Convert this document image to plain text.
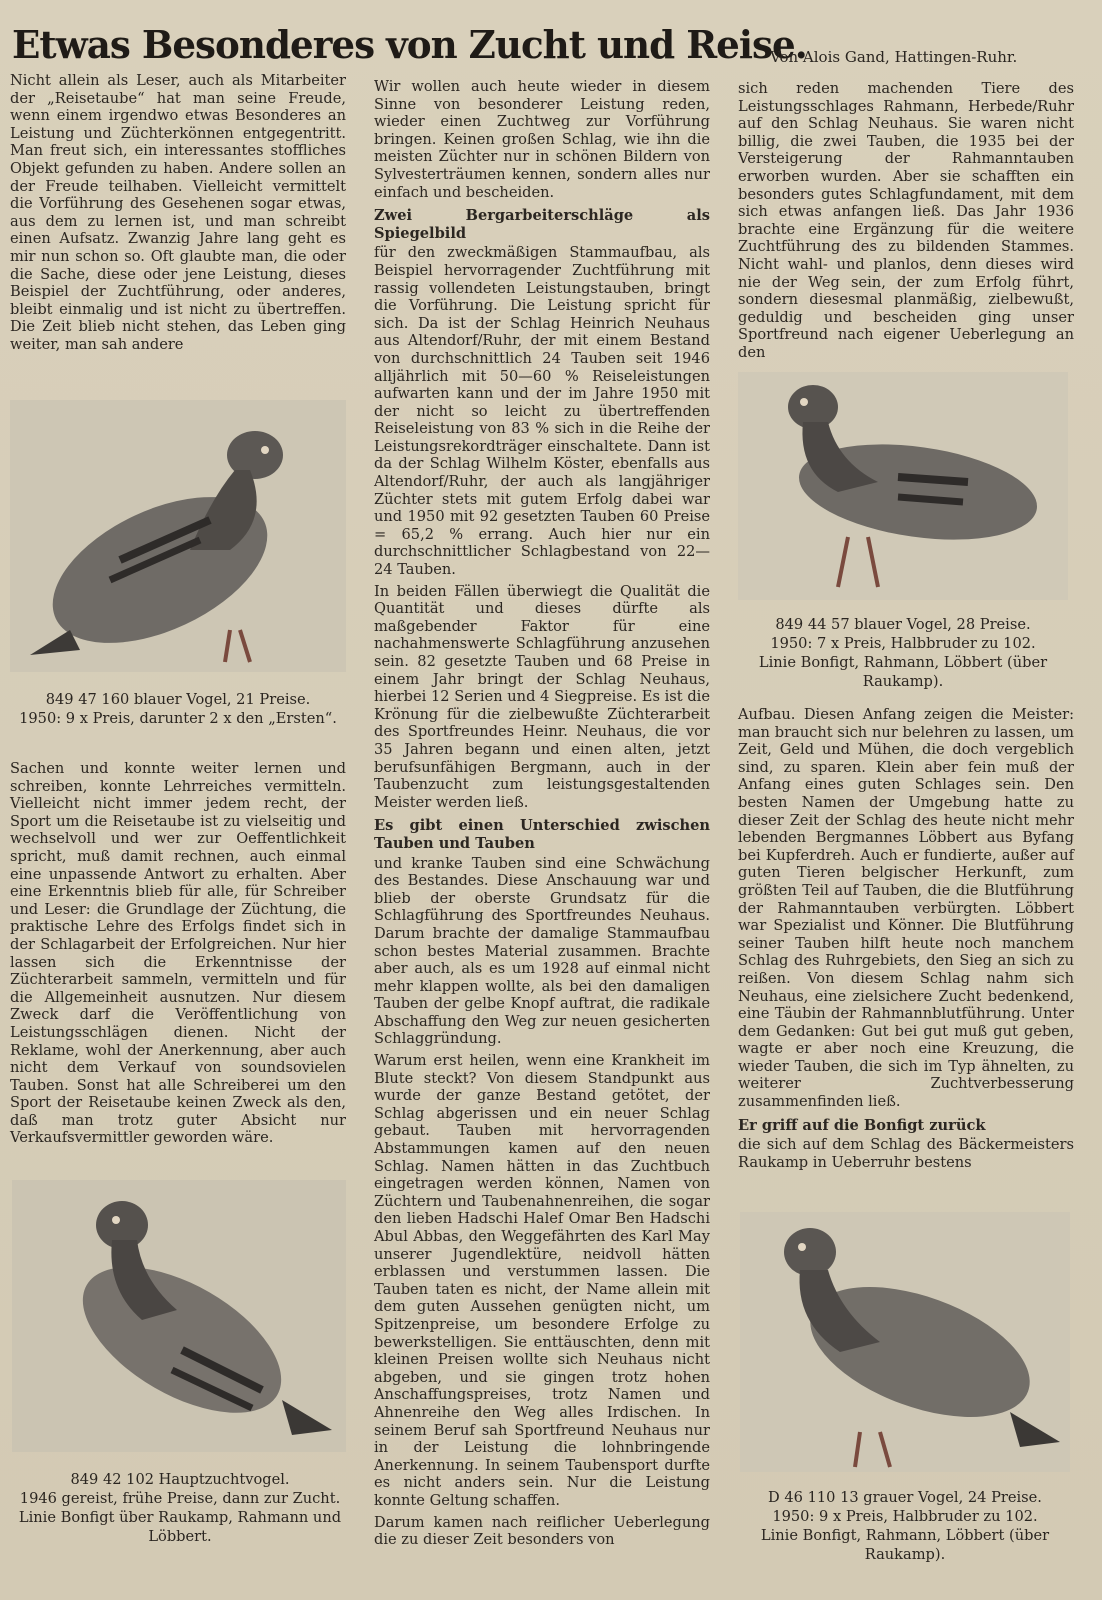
Etwas Besonderes von Zucht und Reise.
Von Alois Gand, Hattingen-Ruhr.

Nicht allein als Leser, auch als Mitarbeiter der „Reisetaube“ hat man seine Freude, wenn einem irgendwo etwas Besonderes an Leistung und Züchterkönnen entgegentritt. Man freut sich, ein interessantes stoffliches Objekt gefunden zu haben. Andere sollen an der Freude teilhaben. Vielleicht vermittelt die Vorführung des Gesehenen sogar etwas, aus dem zu lernen ist, und man schreibt einen Aufsatz. Zwanzig Jahre lang geht es mir nun schon so. Oft glaubte man, die oder die Sache, diese oder jene Leistung, dieses Beispiel der Zuchtführung, oder anderes, bleibt einmalig und ist nicht zu übertreffen. Die Zeit blieb nicht stehen, das Leben ging weiter, man sah andere

849 47 160 blauer Vogel, 21 Preise.
1950: 9 x Preis, darunter 2 x den „Ersten“.

Sachen und konnte weiter lernen und schreiben, konnte Lehrreiches vermitteln. Vielleicht nicht immer jedem recht, der Sport um die Reisetaube ist zu vielseitig und wechselvoll und wer zur Oeffentlichkeit spricht, muß damit rechnen, auch einmal eine unpassende Antwort zu erhalten. Aber eine Erkenntnis blieb für alle, für Schreiber und Leser: die Grundlage der Züchtung, die praktische Lehre des Erfolgs findet sich in der Schlagarbeit der Erfolgreichen. Nur hier lassen sich die Erkenntnisse der Züchterarbeit sammeln, vermitteln und für die Allgemeinheit ausnutzen. Nur diesem Zweck darf die Veröffentlichung von Leistungsschlägen dienen. Nicht der Reklame, wohl der Anerkennung, aber auch nicht dem Verkauf von soundsovielen Tauben. Sonst hat alle Schreiberei um den Sport der Reisetaube keinen Zweck als den, daß man trotz guter Absicht nur Verkaufsvermittler geworden wäre.

849 42 102 Hauptzuchtvogel.
1946 gereist, frühe Preise, dann zur Zucht.
Linie Bonfigt über Raukamp, Rahmann und Löbbert.

Wir wollen auch heute wieder in diesem Sinne von besonderer Leistung reden, wieder einen Zuchtweg zur Vorführung bringen. Keinen großen Schlag, wie ihn die meisten Züchter nur in schönen Bildern von Sylvesterträumen kennen, sondern alles nur einfach und bescheiden.

Zwei Bergarbeiterschläge als Spiegelbild

für den zweckmäßigen Stammaufbau, als Beispiel hervorragender Zuchtführung mit rassig vollendeten Leistungstauben, bringt die Vorführung. Die Leistung spricht für sich. Da ist der Schlag Heinrich Neuhaus aus Altendorf/Ruhr, der mit einem Bestand von durchschnittlich 24 Tauben seit 1946 alljährlich mit 50—60 % Reiseleistungen aufwarten kann und der im Jahre 1950 mit der nicht so leicht zu übertreffenden Reiseleistung von 83 % sich in die Reihe der Leistungsrekordträger einschaltete. Dann ist da der Schlag Wilhelm Köster, ebenfalls aus Altendorf/Ruhr, der auch als langjähriger Züchter stets mit gutem Erfolg dabei war und 1950 mit 92 gesetzten Tauben 60 Preise = 65,2 % errang. Auch hier nur ein durchschnittlicher Schlagbestand von 22—24 Tauben.

In beiden Fällen überwiegt die Qualität die Quantität und dieses dürfte als maßgebender Faktor für eine nachahmenswerte Schlagführung anzusehen sein. 82 gesetzte Tauben und 68 Preise in einem Jahr bringt der Schlag Neuhaus, hierbei 12 Serien und 4 Siegpreise. Es ist die Krönung für die zielbewußte Züchterarbeit des Sportfreundes Heinr. Neuhaus, die vor 35 Jahren begann und einen alten, jetzt berufsunfähigen Bergmann, auch in der Taubenzucht zum leistungsgestaltenden Meister werden ließ.

Es gibt einen Unterschied zwischen Tauben und Tauben

und kranke Tauben sind eine Schwächung des Bestandes. Diese Anschauung war und blieb der oberste Grundsatz für die Schlagführung des Sportfreundes Neuhaus. Darum brachte der damalige Stammaufbau schon bestes Material zusammen. Brachte aber auch, als es um 1928 auf einmal nicht mehr klappen wollte, als bei den damaligen Tauben der gelbe Knopf auftrat, die radikale Abschaffung den Weg zur neuen gesicherten Schlaggründung.

Warum erst heilen, wenn eine Krankheit im Blute steckt? Von diesem Standpunkt aus wurde der ganze Bestand getötet, der Schlag abgerissen und ein neuer Schlag gebaut. Tauben mit hervorragenden Abstammungen kamen auf den neuen Schlag. Namen hätten in das Zuchtbuch eingetragen werden können, Namen von Züchtern und Taubenahnenreihen, die sogar den lieben Hadschi Halef Omar Ben Hadschi Abul Abbas, den Weggefährten des Karl May unserer Jugendlektüre, neidvoll hätten erblassen und verstummen lassen. Die Tauben taten es nicht, der Name allein mit dem guten Aussehen genügten nicht, um Spitzenpreise, um besondere Erfolge zu bewerkstelligen. Sie enttäuschten, denn mit kleinen Preisen wollte sich Neuhaus nicht abgeben, und sie gingen trotz hohen Anschaffungspreises, trotz Namen und Ahnenreihe den Weg alles Irdischen. In seinem Beruf sah Sportfreund Neuhaus nur in der Leistung die lohnbringende Anerkennung. In seinem Taubensport durfte es nicht anders sein. Nur die Leistung konnte Geltung schaffen.

Darum kamen nach reiflicher Ueberlegung die zu dieser Zeit besonders von

sich reden machenden Tiere des Leistungsschlages Rahmann, Herbede/Ruhr auf den Schlag Neuhaus. Sie waren nicht billig, die zwei Tauben, die 1935 bei der Versteigerung der Rahmanntauben erworben wurden. Aber sie schafften ein besonders gutes Schlagfundament, mit dem sich etwas anfangen ließ. Das Jahr 1936 brachte eine Ergänzung für die weitere Zuchtführung des zu bildenden Stammes. Nicht wahl- und planlos, denn dieses wird nie der Weg sein, der zum Erfolg führt, sondern diesesmal planmäßig, zielbewußt, geduldig und bescheiden ging unser Sportfreund nach eigener Ueberlegung an den

849 44 57 blauer Vogel, 28 Preise.
1950: 7 x Preis, Halbbruder zu 102.
Linie Bonfigt, Rahmann, Löbbert (über Raukamp).

Aufbau. Diesen Anfang zeigen die Meister: man braucht sich nur belehren zu lassen, um Zeit, Geld und Mühen, die doch vergeblich sind, zu sparen. Klein aber fein muß der Anfang eines guten Schlages sein. Den besten Namen der Umgebung hatte zu dieser Zeit der Schlag des heute nicht mehr lebenden Bergmannes Löbbert aus Byfang bei Kupferdreh. Auch er fundierte, außer auf guten Tieren belgischer Herkunft, zum größten Teil auf Tauben, die die Blutführung der Rahmanntauben verbürgten. Löbbert war Spezialist und Könner. Die Blutführung seiner Tauben hilft heute noch manchem Schlag des Ruhrgebiets, den Sieg an sich zu reißen. Von diesem Schlag nahm sich Neuhaus, eine zielsichere Zucht bedenkend, eine Täubin der Rahmannblutführung. Unter dem Gedanken: Gut bei gut muß gut geben, wagte er aber noch eine Kreuzung, die wieder Tauben, die sich im Typ ähnelten, zu weiterer Zuchtverbesserung zusammenfinden ließ.

Er griff auf die Bonfigt zurück

die sich auf dem Schlag des Bäckermeisters Raukamp in Ueberruhr bestens

D 46 110 13 grauer Vogel, 24 Preise.
1950: 9 x Preis, Halbbruder zu 102.
Linie Bonfigt, Rahmann, Löbbert (über Raukamp).
